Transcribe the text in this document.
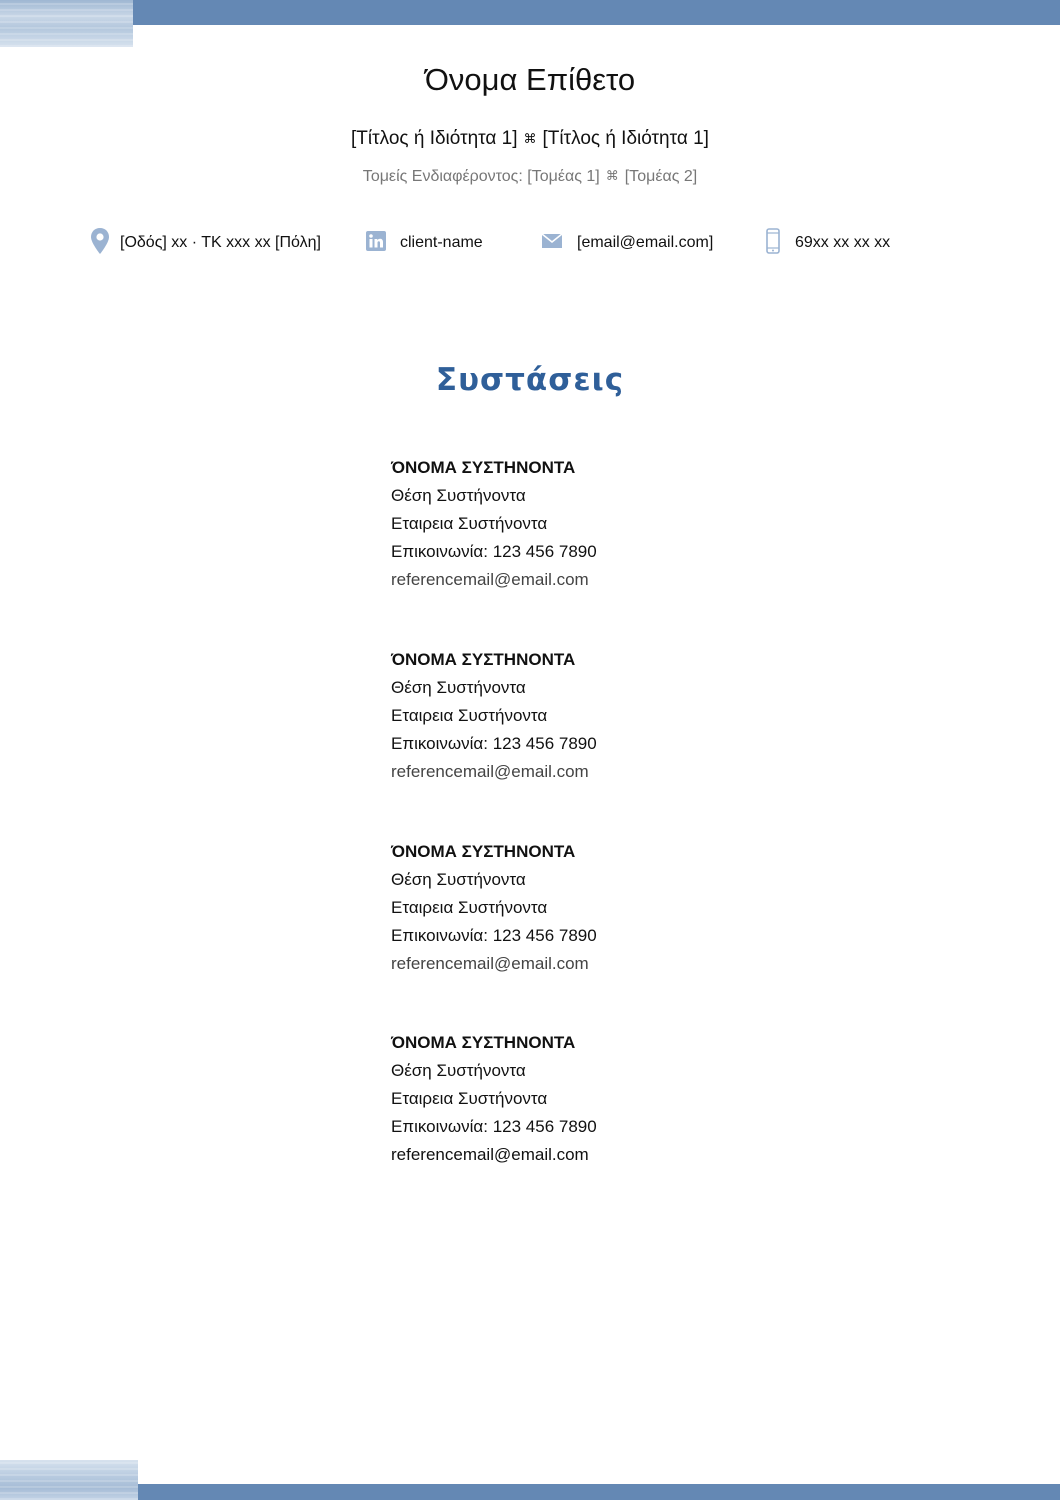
Όνομα Επίθετο
[Τίτλος ή Ιδιότητα 1] ⌘ [Τίτλος ή Ιδιότητα 1]
Τομείς Ενδιαφέροντος: [Τομέας 1] ⌘ [Τομέας 2]
[Οδός] xx · TK xxx xx [Πόλη]	client-name	[email@email.com]	69xx xx xx xx
Συστάσεις
ΌΝΟΜΑ ΣΥΣΤΗΝΟΝΤΑ
Θέση Συστήνοντα
Εταιρεια Συστήνοντα
Επικοινωνία: 123 456 7890
referencemail@email.com
ΌΝΟΜΑ ΣΥΣΤΗΝΟΝΤΑ
Θέση Συστήνοντα
Εταιρεια Συστήνοντα
Επικοινωνία: 123 456 7890
referencemail@email.com
ΌΝΟΜΑ ΣΥΣΤΗΝΟΝΤΑ
Θέση Συστήνοντα
Εταιρεια Συστήνοντα
Επικοινωνία: 123 456 7890
referencemail@email.com
ΌΝΟΜΑ ΣΥΣΤΗΝΟΝΤΑ
Θέση Συστήνοντα
Εταιρεια Συστήνοντα
Επικοινωνία: 123 456 7890
referencemail@email.com
